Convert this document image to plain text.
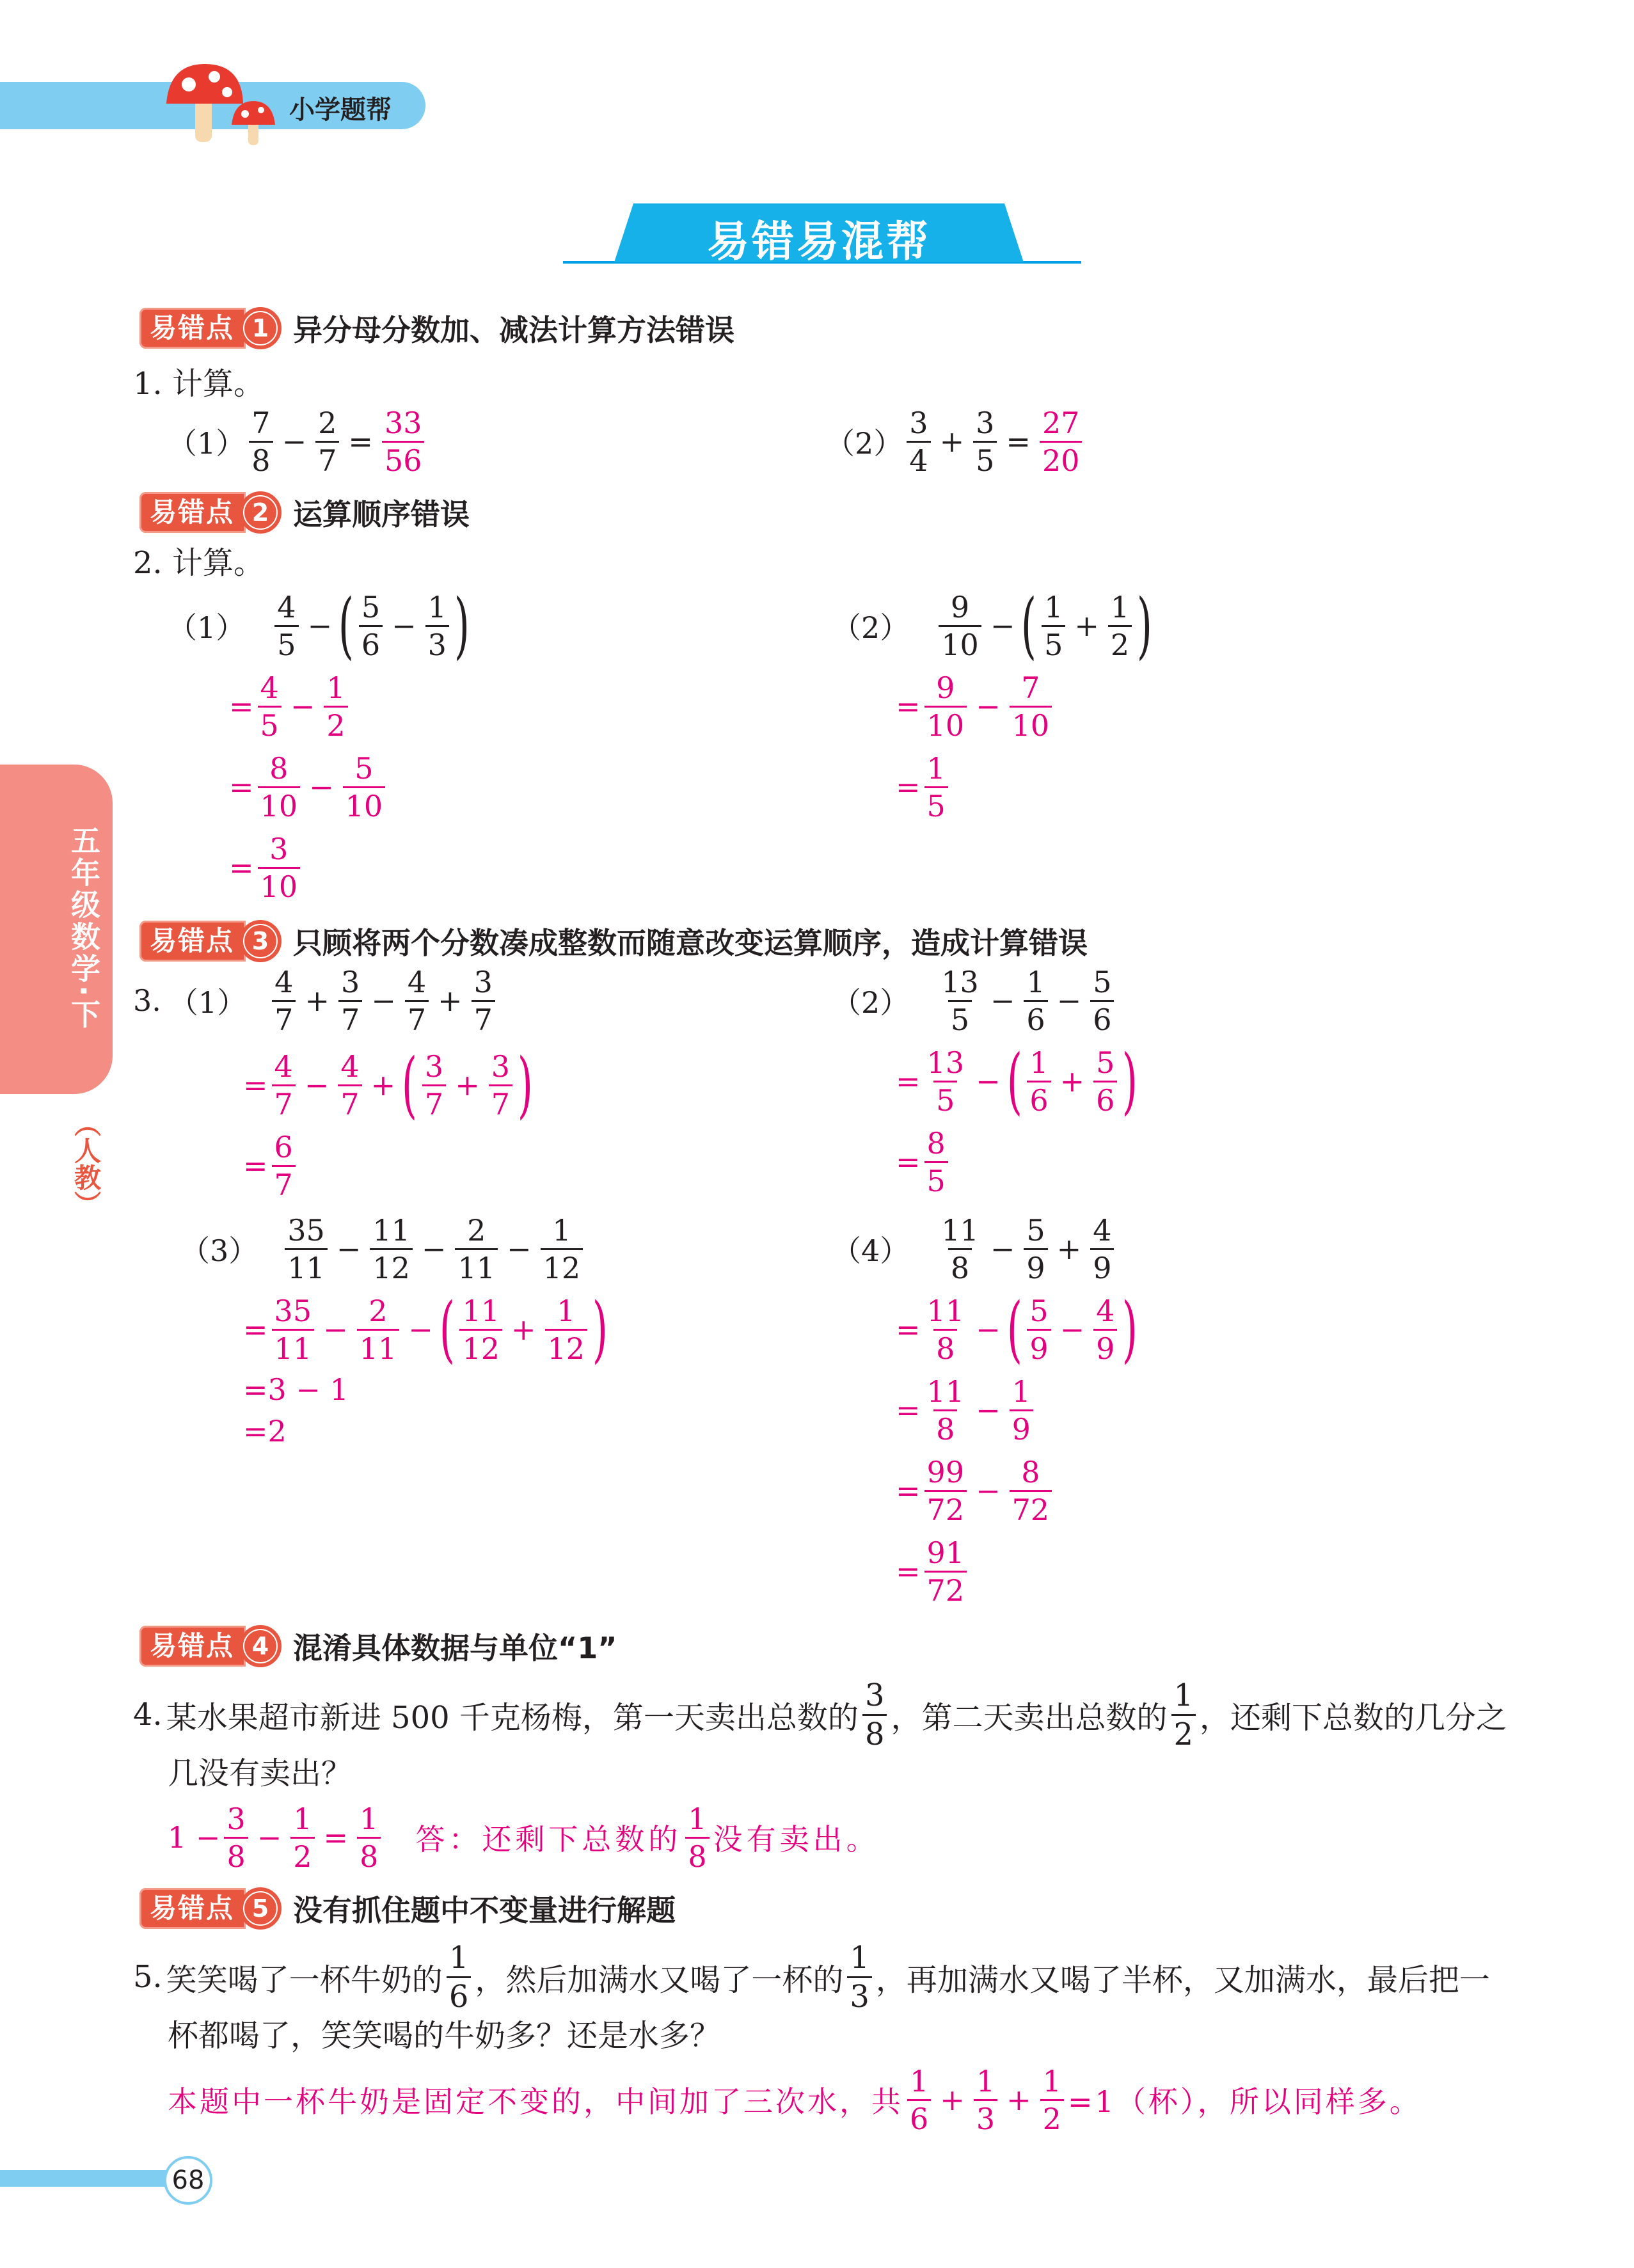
小学题帮
易错易混帮
五年级数学·下
（人教）
易错点 1 异分母分数加、减法计算方法错误
易错点 2 运算顺序错误
易错点 3 只顾将两个分数凑成整数而随意改变运算顺序，造成计算错误
易错点 4 混淆具体数据与单位“1”
易错点 5 没有抓住题中不变量进行解题
1. 计算。
（1）
7
8
− $\frac{2}{7} = \frac{33}{56}$	（2）
3
4
+ $\frac{3}{5} = \frac{27}{20}$
2. 计算。
（1）
4
5
− ( 5
6
− $\frac{1}{3}$ )
= $\frac{4}{5} - \frac{1}{2}$
= $\frac{8}{10} - \frac{5}{10}$
= $\frac{3}{10}$
（2）
9
10
− ( 1
5
+ $\frac{1}{2}$ )
= $\frac{9}{10} - \frac{7}{10}$
= $\frac{1}{5}$
3. （1）
4
7
+ $\frac{3}{7} - \frac{4}{7} + \frac{3}{7}$
= $\frac{4}{7} - \frac{4}{7}$ + ( 3
7
+ $\frac{3}{7}$ )
= $\frac{6}{7}$
（2）
13
5
− $\frac{1}{6} - \frac{5}{6}$
= $\frac{13}{5}$ − ( 1
6
+ $\frac{5}{6}$ )
= $\frac{8}{5}$
（3）
35
11
− $\frac{11}{12} - \frac{2}{11} - \frac{1}{12}$
= $\frac{35}{11} - \frac{2}{11}$ − ( 11
12
+ $\frac{1}{12}$ )
=3 − 1
=2
（4）
11
8
− $\frac{5}{9} + \frac{4}{9}$
= $\frac{11}{8}$ − ( 5
9
− $\frac{4}{9}$ )
= $\frac{11}{8} - \frac{1}{9}$
= $\frac{99}{72} - \frac{8}{72}$
= $\frac{91}{72}$
4. 某水果超市新进 500 千克杨梅，第一天卖出总数的
3
8 ，第二天卖出总数的
1
2 ，还剩下总数的几分之
几没有卖出？
$1 - \frac{3}{8} - \frac{1}{2} = \frac{1}{8}$ 答：还剩下总数的
1
8 没有卖出。
5. 笑笑喝了一杯牛奶的
1
6 ，然后加满水又喝了一杯的
1
3 ，再加满水又喝了半杯，又加满水，最后把一
杯都喝了，笑笑喝的牛奶多？还是水多？
本题中一杯牛奶是固定不变的，中间加了三次水，共
1
6
+ $\frac{1}{3} + \frac{1}{2} =1$（杯），所以同样多。
68
